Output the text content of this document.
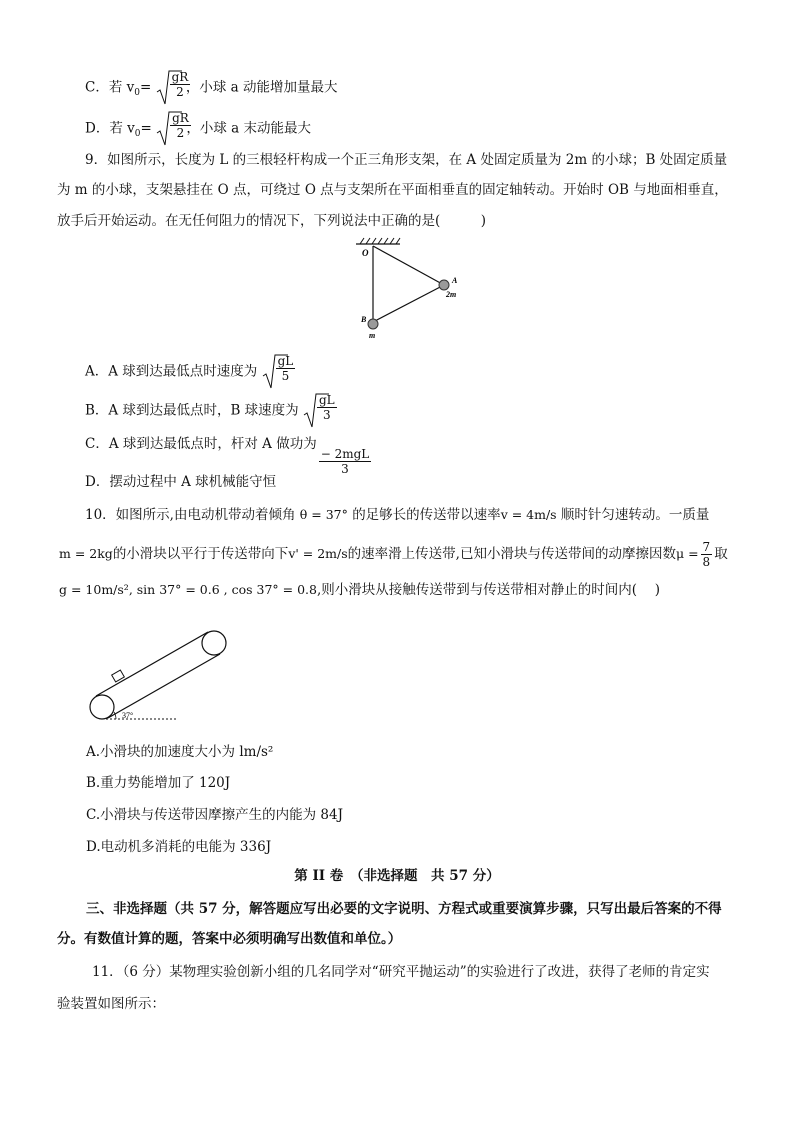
C．若 $v_0= \frac{gR}{2}$
，小球 a 动能增加量最大
D．若 $v_0= \frac{gR}{2}$
，小球 a 末动能最大
9．如图所示，长度为 L 的三根轻杆构成一个正三角形支架，在 A 处固定质量为 2m 的小球；B 处固定质量
为 m 的小球，支架悬挂在 O 点，可绕过 O 点与支架所在平面相垂直的固定轴转动。开始时 OB 与地面相垂直，
放手后开始运动。在无任何阻力的情况下，下列说法中正确的是(　　　)
O
A
2m
B
m
A．A 球到达最低点时速度为 $\frac{gL}{5}$
B．A 球到达最低点时，B 球速度为 $\frac{gL}{3}$
C．A 球到达最低点时，杆对 A 做功为
$\frac{\text{− 2mgL}}{3}$
D．摆动过程中 A 球机械能守恒
10．如图所示,由电动机带动着倾角 θ = 37° 的足够长的传送带以速率v = 4m/s 顺时针匀速转动。一质量
m = 2kg的小滑块以平行于传送带向下v' = 2m/s的速率滑上传送带,已知小滑块与传送带间的动摩擦因数$\mu = \frac{7}{8}$ 取
g = 10m/s², sin 37° = 0.6 , cos 37° = 0.8,则小滑块从接触传送带到与传送带相对静止的时间内(　 )
37°
A.小滑块的加速度大小为 lm/s²
B.重力势能增加了 120J
C.小滑块与传送带因摩擦产生的内能为 84J
D.电动机多消耗的电能为 336J
第 II 卷　（非选择题　共 57 分）
三、非选择题（共 57 分，解答题应写出必要的文字说明、方程式或重要演算步骤，只写出最后答案的不得
分。有数值计算的题，答案中必须明确写出数值和单位。）
11．（6 分）某物理实验创新小组的几名同学对“研究平抛运动”的实验进行了改进，获得了老师的肯定实
验装置如图所示：
